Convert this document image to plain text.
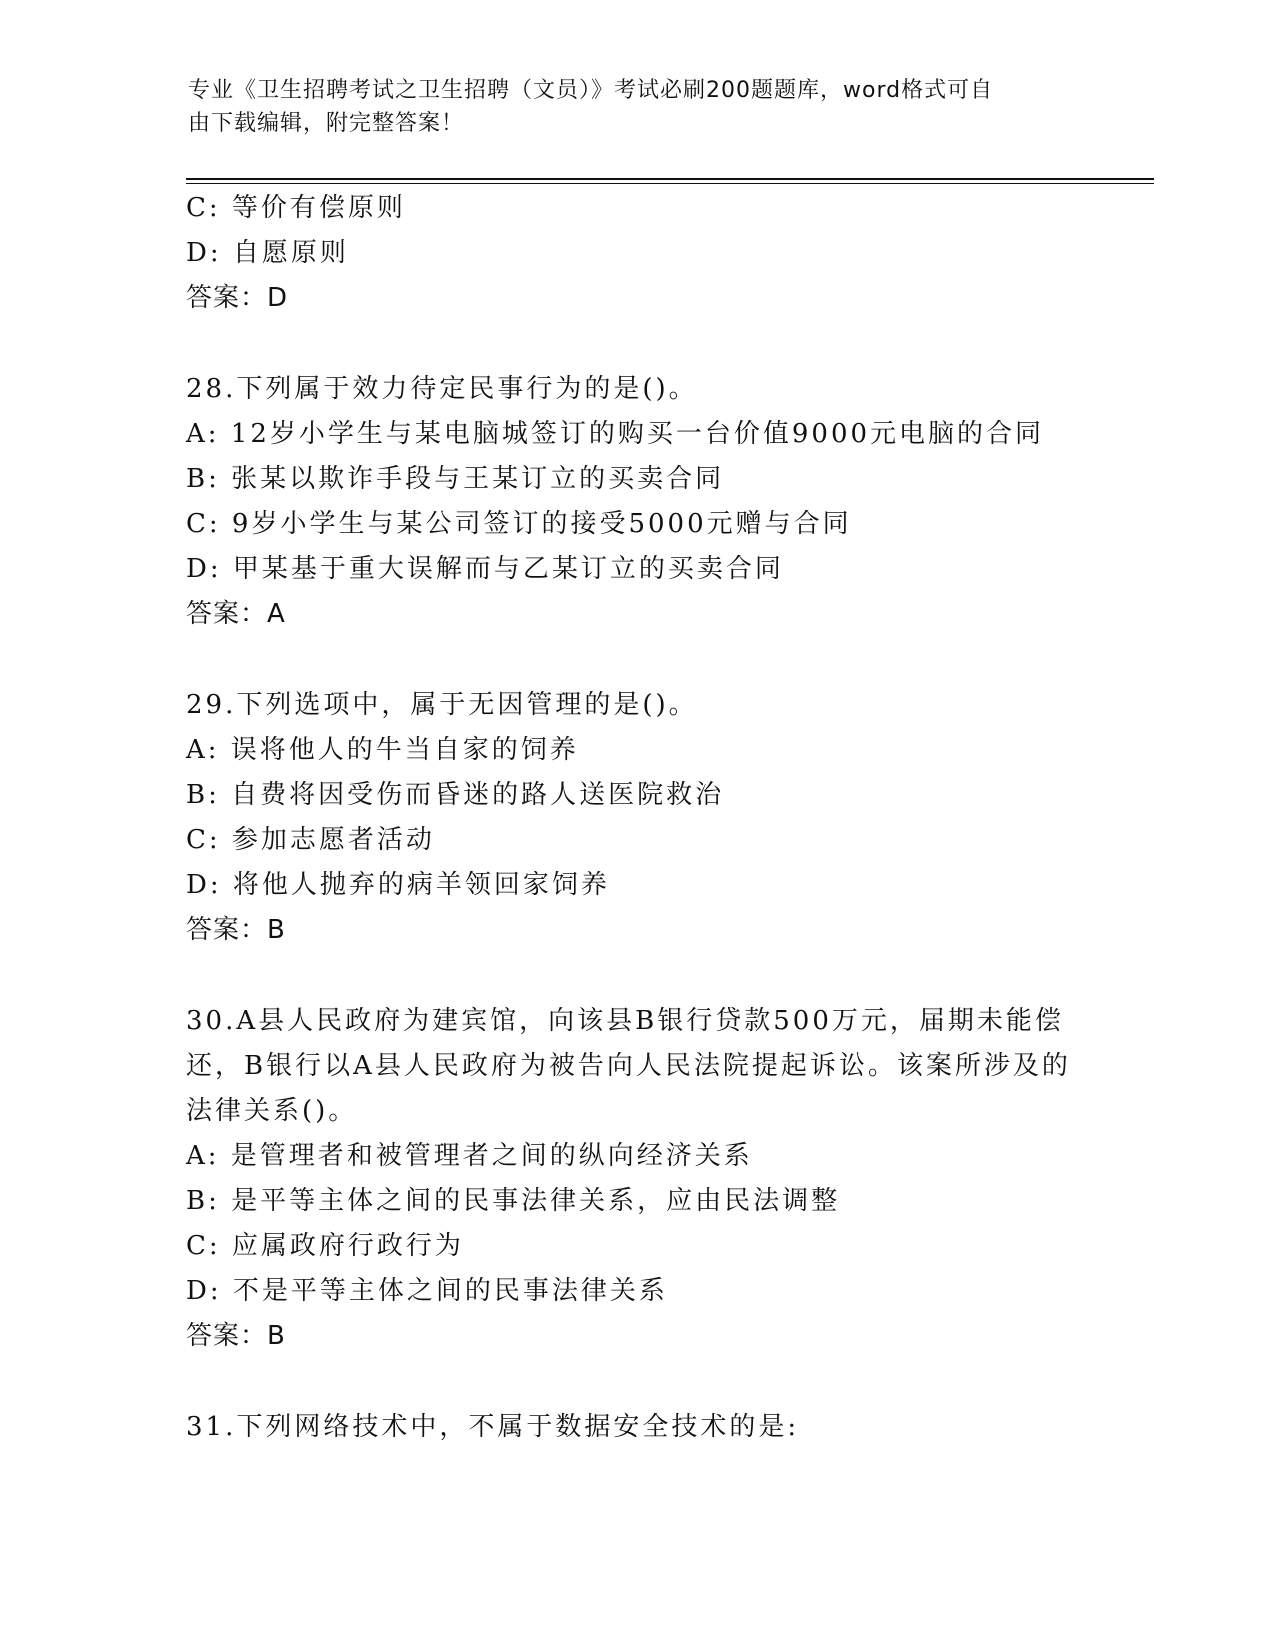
专业《卫生招聘考试之卫生招聘（文员）》考试必刷200题题库，word格式可自
由下载编辑，附完整答案！
C: 等价有偿原则
D: 自愿原则
答案：D
28.下列属于效力待定民事行为的是()。
A: 12岁小学生与某电脑城签订的购买一台价值9000元电脑的合同
B: 张某以欺诈手段与王某订立的买卖合同
C: 9岁小学生与某公司签订的接受5000元赠与合同
D: 甲某基于重大误解而与乙某订立的买卖合同
答案：A
29.下列选项中，属于无因管理的是()。
A: 误将他人的牛当自家的饲养
B: 自费将因受伤而昏迷的路人送医院救治
C: 参加志愿者活动
D: 将他人抛弃的病羊领回家饲养
答案：B
30.A县人民政府为建宾馆，向该县B银行贷款500万元，届期未能偿
还，B银行以A县人民政府为被告向人民法院提起诉讼。该案所涉及的
法律关系()。
A: 是管理者和被管理者之间的纵向经济关系
B: 是平等主体之间的民事法律关系，应由民法调整
C: 应属政府行政行为
D: 不是平等主体之间的民事法律关系
答案：B
31.下列网络技术中，不属于数据安全技术的是:
